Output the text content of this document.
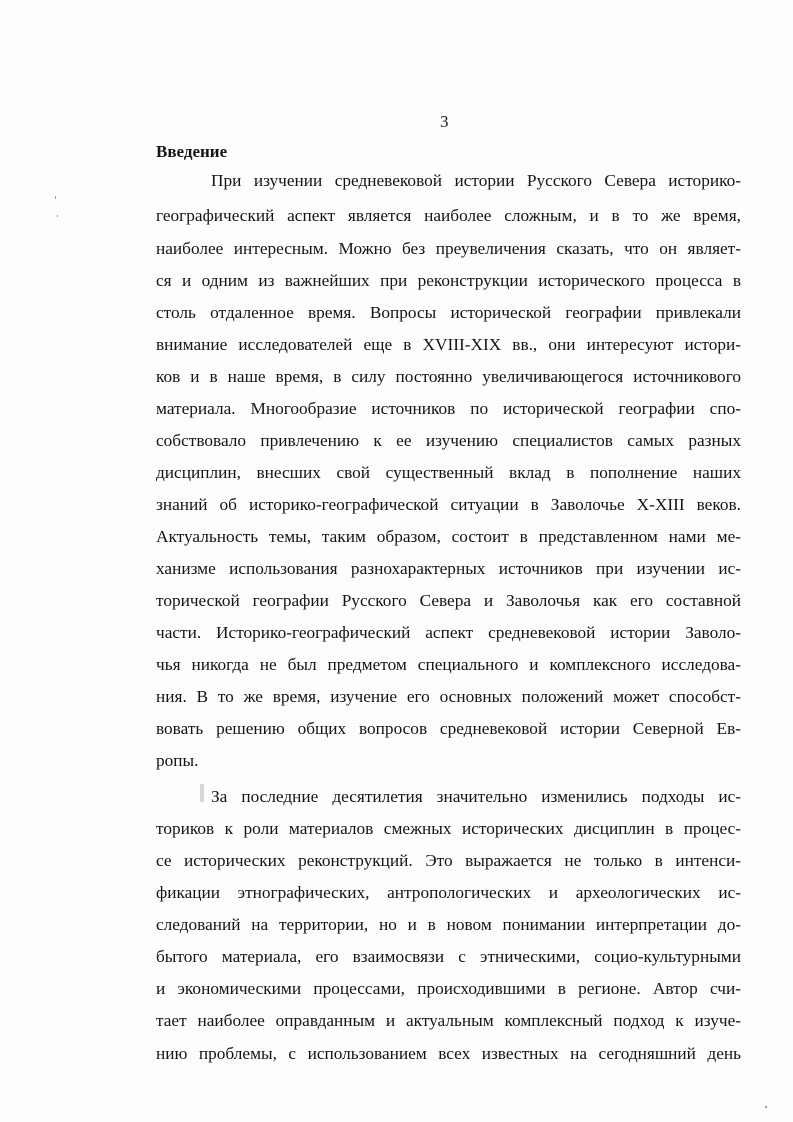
3
Введение
При изучении средневековой истории Русского Севера историко-
географический аспект является наиболее сложным, и в то же время,
наиболее интересным. Можно без преувеличения сказать, что он являет-
ся и одним из важнейших при реконструкции исторического процесса в
столь отдаленное время. Вопросы исторической географии привлекали
внимание исследователей еще в XVIII-XIX вв., они интересуют истори-
ков и в наше время, в силу постоянно увеличивающегося источникового
материала. Многообразие источников по исторической географии спо-
собствовало привлечению к ее изучению специалистов самых разных
дисциплин, внесших свой существенный вклад в пополнение наших
знаний об историко-географической ситуации в Заволочье X-XIII веков.
Актуальность темы, таким образом, состоит в представленном нами ме-
ханизме использования разнохарактерных источников при изучении ис-
торической географии Русского Севера и Заволочья как его составной
части. Историко-географический аспект средневековой истории Заволо-
чья никогда не был предметом специального и комплексного исследова-
ния. В то же время, изучение его основных положений может способст-
вовать решению общих вопросов средневековой истории Северной Ев-
ропы.
За последние десятилетия значительно изменились подходы ис-
ториков к роли материалов смежных исторических дисциплин в процес-
се исторических реконструкций. Это выражается не только в интенси-
фикации этнографических, антропологических и археологических ис-
следований на территории, но и в новом понимании интерпретации до-
бытого материала, его взаимосвязи с этническими, социо-культурными
и экономическими процессами, происходившими в регионе. Автор счи-
тает наиболее оправданным и актуальным комплексный подход к изуче-
нию проблемы, с использованием всех известных на сегодняшний день
